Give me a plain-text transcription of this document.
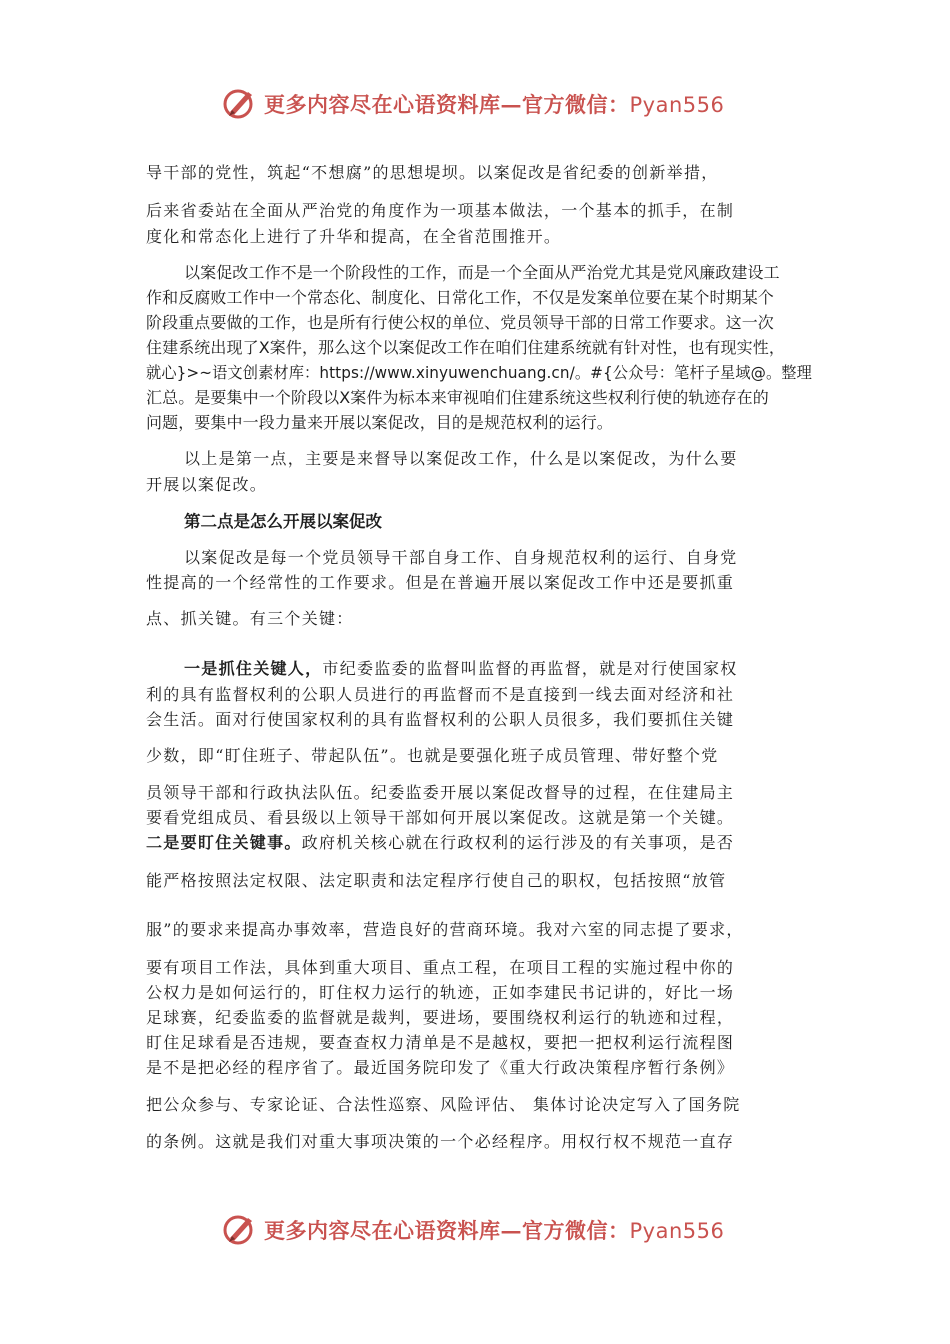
更多内容尽在心语资料库—官方微信：Pyan556
导干部的党性，筑起“不想腐”的思想堤坝。以案促改是省纪委的创新举措，
后来省委站在全面从严治党的角度作为一项基本做法，一个基本的抓手，在制
度化和常态化上进行了升华和提高，在全省范围推开。
以案促改工作不是一个阶段性的工作，而是一个全面从严治党尤其是党风廉政建设工
作和反腐败工作中一个常态化、制度化、日常化工作，不仅是发案单位要在某个时期某个
阶段重点要做的工作，也是所有行使公权的单位、党员领导干部的日常工作要求。这一次
住建系统出现了X案件，那么这个以案促改工作在咱们住建系统就有针对性，也有现实性，
就心}>~语文创素材库：https://www.xinyuwenchuang.cn/。#{公众号：笔杆子星域@。整理
汇总。是要集中一个阶段以X案件为标本来审视咱们住建系统这些权利行使的轨迹存在的
问题，要集中一段力量来开展以案促改，目的是规范权利的运行。
以上是第一点，主要是来督导以案促改工作，什么是以案促改，为什么要
开展以案促改。
第二点是怎么开展以案促改
以案促改是每一个党员领导干部自身工作、自身规范权利的运行、自身党
性提高的一个经常性的工作要求。但是在普遍开展以案促改工作中还是要抓重
点、抓关键。有三个关键：
一是抓住关键人，市纪委监委的监督叫监督的再监督，就是对行使国家权
利的具有监督权利的公职人员进行的再监督而不是直接到一线去面对经济和社
会生活。面对行使国家权利的具有监督权利的公职人员很多，我们要抓住关键
少数，即“盯住班子、带起队伍”。也就是要强化班子成员管理、带好整个党
员领导干部和行政执法队伍。纪委监委开展以案促改督导的过程，在住建局主
要看党组成员、看县级以上领导干部如何开展以案促改。这就是第一个关键。
二是要盯住关键事。政府机关核心就在行政权利的运行涉及的有关事项，是否
能严格按照法定权限、法定职责和法定程序行使自己的职权，包括按照“放管
服”的要求来提高办事效率，营造良好的营商环境。我对六室的同志提了要求，
要有项目工作法，具体到重大项目、重点工程，在项目工程的实施过程中你的
公权力是如何运行的，盯住权力运行的轨迹，正如李建民书记讲的，好比一场
足球赛，纪委监委的监督就是裁判，要进场，要围绕权利运行的轨迹和过程，
盯住足球看是否违规，要查查权力清单是不是越权，要把一把权利运行流程图
是不是把必经的程序省了。最近国务院印发了《重大行政决策程序暂行条例》
把公众参与、专家论证、合法性巡察、风险评估、 集体讨论决定写入了国务院
的条例。这就是我们对重大事项决策的一个必经程序。用权行权不规范一直存
更多内容尽在心语资料库—官方微信：Pyan556
